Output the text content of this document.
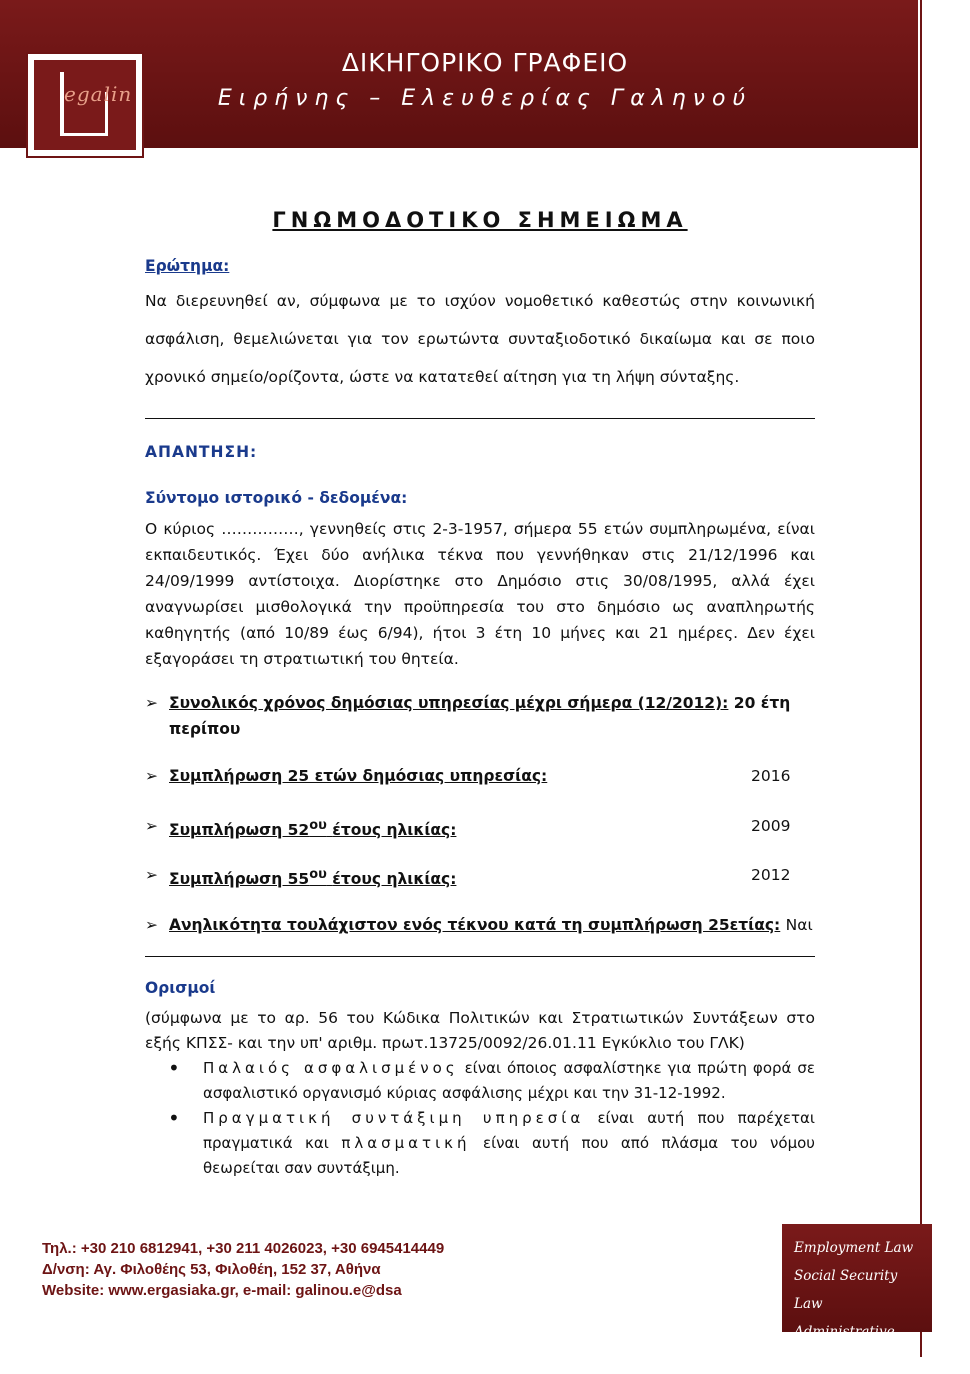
egalin
ΔΙΚΗΓΟΡΙΚΟ ΓΡΑΦΕΙΟ
Ειρήνης – Ελευθερίας Γαληνού
ΓΝΩΜΟΔΟΤΙΚΟ ΣΗΜΕΙΩΜΑ
Ερώτημα:
Να διερευνηθεί αν, σύμφωνα με το ισχύον νομοθετικό καθεστώς στην κοινωνική ασφάλιση, θεμελιώνεται για τον ερωτώντα συνταξιοδοτικό δικαίωμα και σε ποιο χρονικό σημείο/ορίζοντα, ώστε να κατατεθεί αίτηση για τη λήψη σύνταξης.
ΑΠΑΝΤΗΣΗ:
Σύντομο ιστορικό - δεδομένα:
Ο κύριος ……………, γεννηθείς στις 2-3-1957, σήμερα 55 ετών συμπληρωμένα, είναι εκπαιδευτικός. Έχει δύο ανήλικα τέκνα που γεννήθηκαν στις 21/12/1996 και 24/09/1999 αντίστοιχα. Διορίστηκε στο Δημόσιο στις 30/08/1995, αλλά έχει αναγνωρίσει μισθολογικά την προϋπηρεσία του στο δημόσιο ως αναπληρωτής καθηγητής (από 10/89 έως 6/94), ήτοι 3 έτη 10 μήνες και 21 ημέρες. Δεν έχει εξαγοράσει τη στρατιωτική του θητεία.
➢ Συνολικός χρόνος δημόσιας υπηρεσίας μέχρι σήμερα (12/2012): 20 έτη περίπου
➢ Συμπλήρωση 25 ετών δημόσιας υπηρεσίας:	2016
➢ Συμπλήρωση $52^{o\upsilon}$ έτους ηλικίας:	2009
➢ Συμπλήρωση $55^{o\upsilon}$ έτους ηλικίας:	2012
➢ Ανηλικότητα τουλάχιστον ενός τέκνου κατά τη συμπλήρωση 25ετίας: Ναι
Ορισμοί
(σύμφωνα με το αρ. 56 του Κώδικα Πολιτικών και Στρατιωτικών Συντάξεων στο εξής ΚΠΣΣ- και την υπ' αριθμ. πρωτ.13725/0092/26.01.11 Εγκύκλιο του ΓΛΚ)
• Παλαιός ασφαλισμένος είναι όποιος ασφαλίστηκε για πρώτη φορά σε ασφαλιστικό οργανισμό κύριας ασφάλισης μέχρι και την 31-12-1992.
• Πραγματική συντάξιμη υπηρεσία είναι αυτή που παρέχεται πραγματικά και πλασματική είναι αυτή που από πλάσμα του νόμου θεωρείται σαν συντάξιμη.
Τηλ.: +30 210 6812941, +30 211 4026023, +30 6945414449
Δ/νση: Αγ. Φιλοθέης 53, Φιλοθέη, 152 37, Αθήνα
Website: www.ergasiaka.gr, e-mail: galinou.e@dsa
Employment Law
Social Security Law
Administrative Law
